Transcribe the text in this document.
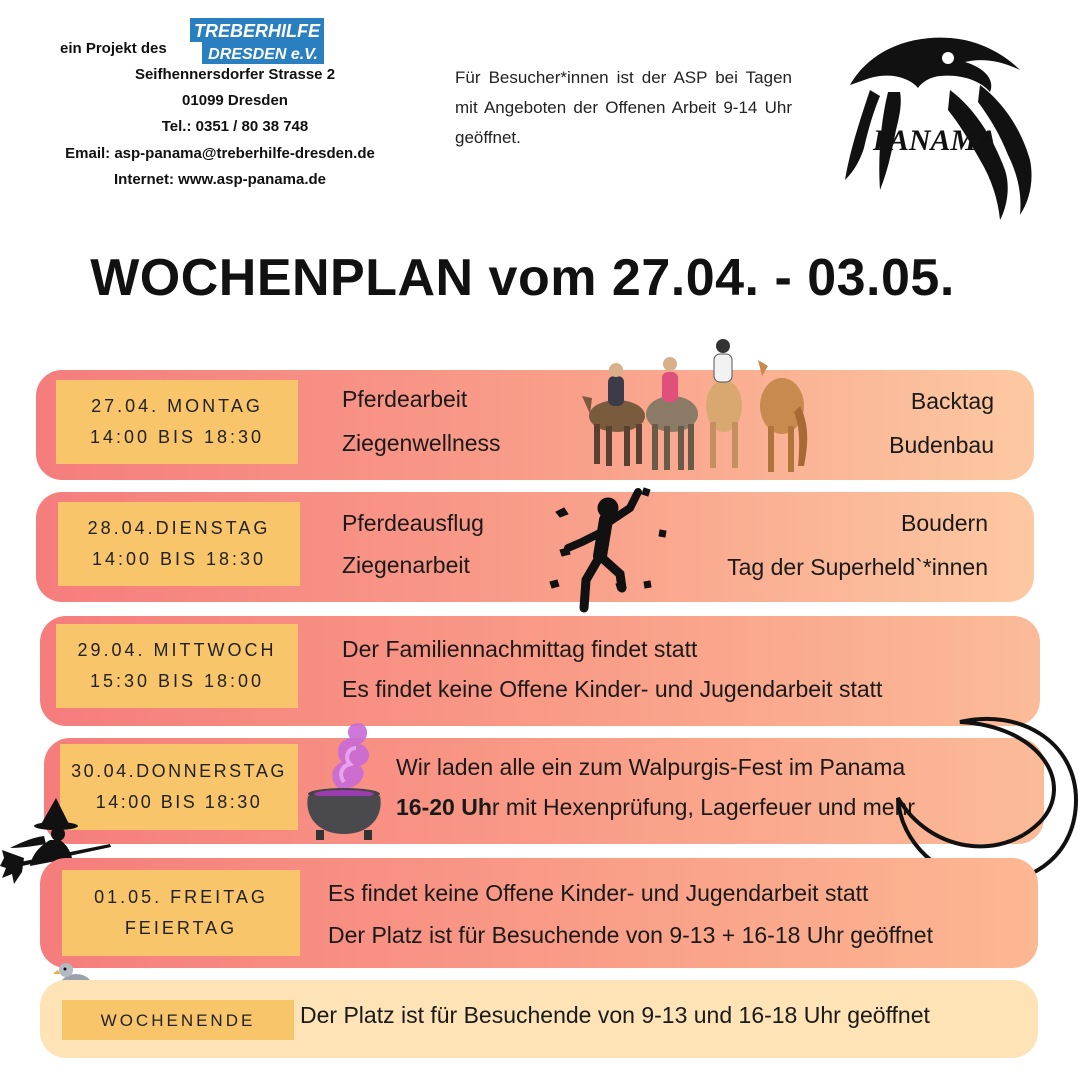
ein Projekt des
TREBERHILFE
DRESDEN e.V.
Seifhennersdorfer Strasse 2
01099 Dresden
Tel.: 0351 / 80 38 748
Email: asp-panama@treberhilfe-dresden.de
Internet: www.asp-panama.de
Für Besucher*innen ist der ASP bei Tagen mit Angeboten der Offenen Arbeit 9-14 Uhr geöffnet.	PANAMA
WOCHENPLAN vom 27.04. - 03.05.
27.04. MONTAG
14:00 BIS 18:30
Pferdearbeit
Ziegenwellness
Backtag
Budenbau
28.04.DIENSTAG
14:00 BIS 18:30
Pferdeausflug
Ziegenarbeit
Boudern
Tag der Superheld`*innen
29.04. MITTWOCH
15:30 BIS 18:00
Der Familiennachmittag findet statt
Es findet keine Offene Kinder- und Jugendarbeit statt
30.04.DONNERSTAG
14:00 BIS 18:30
Wir laden alle ein zum Walpurgis-Fest im Panama
16-20 Uhr mit Hexenprüfung, Lagerfeuer und mehr
01.05. FREITAG
FEIERTAG
Es findet keine Offene Kinder- und Jugendarbeit statt
Der Platz ist für Besuchende von 9-13 + 16-18 Uhr geöffnet
WOCHENENDE Der Platz ist für Besuchende von 9-13 und 16-18 Uhr geöffnet
